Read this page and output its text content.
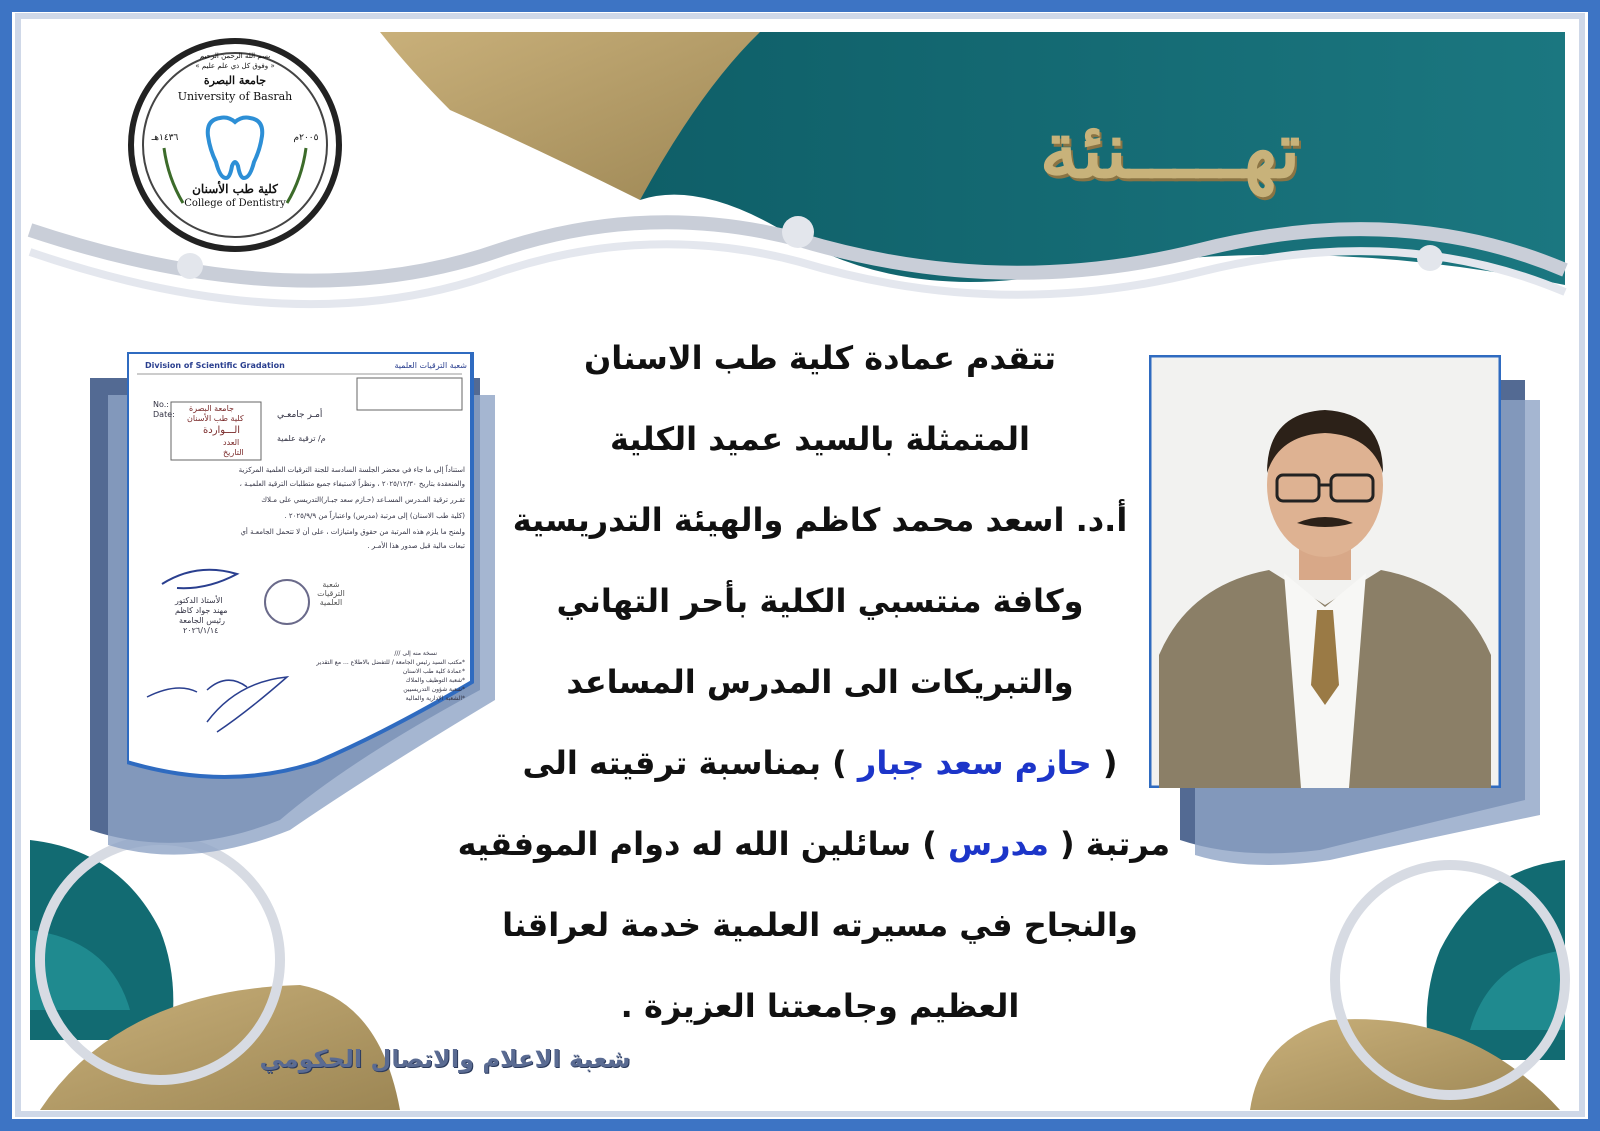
تهـــــنئة
بسم الله الرحمن الرحيم
« وفوق كل ذي علم عليم »
جامعة البصرة
University of Basrah
١٤٣٦هـ	٢٠٠٥م
كلية طب الأسنان
College of Dentistry
Division of Scientific Gradation	شعبة الترقيات العلمية
No.:
Date:
جامعة البصرة
كلية طب الأسنان
الـــواردة
العدد
التاريخ
أمـر جامعـي
م/ ترقية علمية
استناداً إلى ما جاء في محضر الجلسة السادسة للجنة الترقيات العلمية المركزية
والمنعقدة بتاريخ ٢٠٢٥/١٢/٣٠ ، ونظراً لاستيفاء جميع متطلبات الترقية العلميـة ،
تقـرر ترقية المـدرس المسـاعد (حـازم سعد جبـار)التدريسي على مـلاك
(كلية طب الاسنان) إلى مرتبة (مدرس) واعتباراً من ٢٠٢٥/٩/٩ .
ولمنح ما يلزم هذه المرتبة من حقوق وامتيازات ، على أن لا تتحمل الجامعـة أي
تبعات مالية قبل صدور هذا الأمـر .
الأستاذ الدكتور
مهند جواد كاظم
رئيس الجامعة
٢٠٢٦/١/١٤
شعبة الترقيات العلمية
نسخة منه إلى ///
*مكتب السيد رئيس الجامعة / للتفضل بالاطلاع ... مع التقدير
*عمادة كلية طب الاسنان
*شعبة التوظيف والملاك
*شعبة شؤون التدريسيين
*الشعبة الإدارية والمالية
تتقدم عمادة كلية طب الاسنان
المتمثلة بالسيد عميد الكلية
أ.د. اسعد محمد كاظم والهيئة التدريسية
وكافة منتسبي الكلية بأحر التهاني
والتبريكات الى المدرس المساعد
( حازم سعد جبار ) بمناسبة ترقيته الى
مرتبة ( مدرس ) سائلين الله له دوام الموفقيه
والنجاح في مسيرته العلمية خدمة لعراقنا
العظيم وجامعتنا العزيزة .
شعبة الاعلام والاتصال الحكومي
